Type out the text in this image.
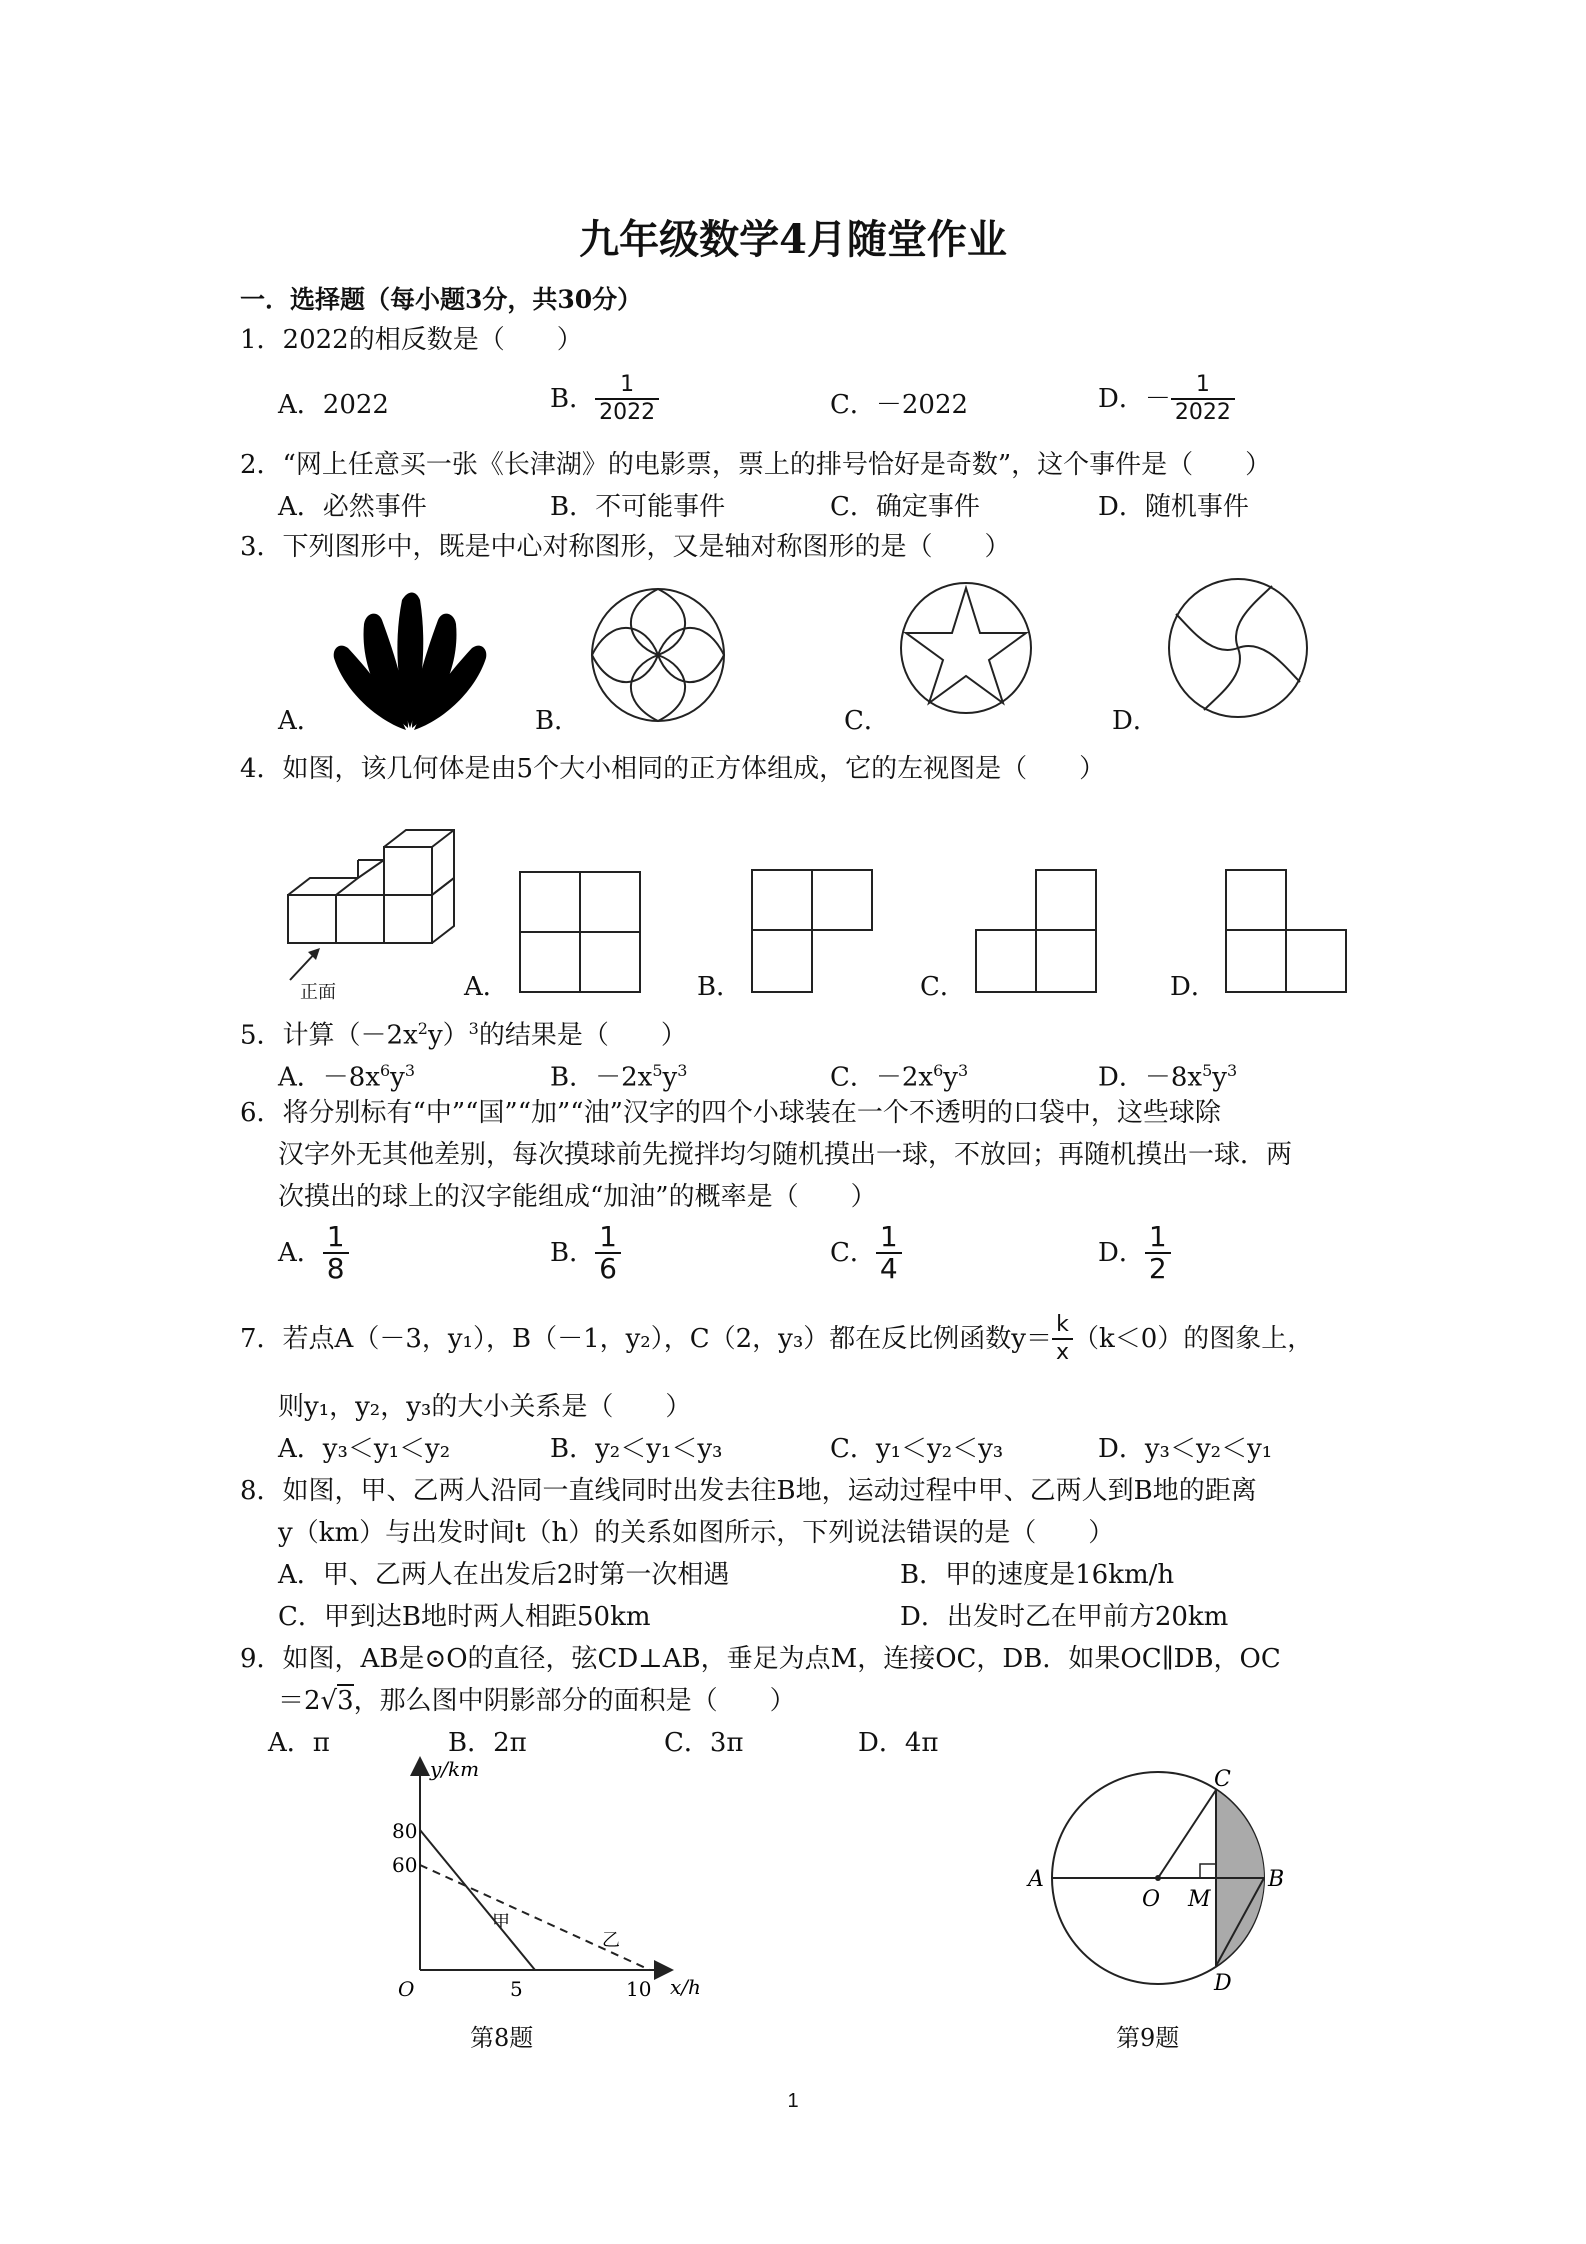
九年级数学4月随堂作业
一．选择题（每小题3分，共30分）
1．2022的相反数是（　　）
A．2022	B． $\frac{1}{2022}$	C．－2022	D．－ $\frac{1}{2022}$
2．“网上任意买一张《长津湖》的电影票，票上的排号恰好是奇数”，这个事件是（　　）
A．必然事件	B．不可能事件	C．确定事件	D．随机事件
3．下列图形中，既是中心对称图形，又是轴对称图形的是（　　）
A．	B．	C．	D．
4．如图，该几何体是由5个大小相同的正方体组成，它的左视图是（　　）
正面	A．	B．	C．	D．
5．计算$(-2x^2y)^3$的结果是（　　）
A．$-8x^6y^3$	B．$-2x^5y^3$	C．$-2x^6y^3$	D．$-8x^5y^3$
6．将分别标有“中”“国”“加”“油”汉字的四个小球装在一个不透明的口袋中，这些球除
汉字外无其他差别，每次摸球前先搅拌均匀随机摸出一球，不放回；再随机摸出一球．两
次摸出的球上的汉字能组成“加油”的概率是（　　）
A． $\frac{1}{8}$	B． $\frac{1}{6}$	C． $\frac{1}{4}$	D． $\frac{1}{2}$
7．若点A（－3，y₁），B（－1，y₂），C（2，y₃）都在反比例函数$y= \frac{k}{x} (k<0)$的图象上，
则y₁，y₂，y₃的大小关系是（　　）
A．y₃＜y₁＜y₂	B．y₂＜y₁＜y₃	C．y₁＜y₂＜y₃	D．y₃＜y₂＜y₁
8．如图，甲、乙两人沿同一直线同时出发去往B地，运动过程中甲、乙两人到B地的距离
y（km）与出发时间t（h）的关系如图所示，下列说法错误的是（　　）
A．甲、乙两人在出发后2时第一次相遇	B．甲的速度是16km/h
C．甲到达B地时两人相距50km	D．出发时乙在甲前方20km
9．如图，AB是⊙O的直径，弦CD⊥AB，垂足为点M，连接OC，DB．如果OC∥DB，OC
＝2√3，那么图中阴影部分的面积是（　　）
A．π	B．2π	C．3π	D．4π
y/km
x/h
O
80
60
5	10
甲
乙
第8题
A	B
C
D
O M
第9题
1
